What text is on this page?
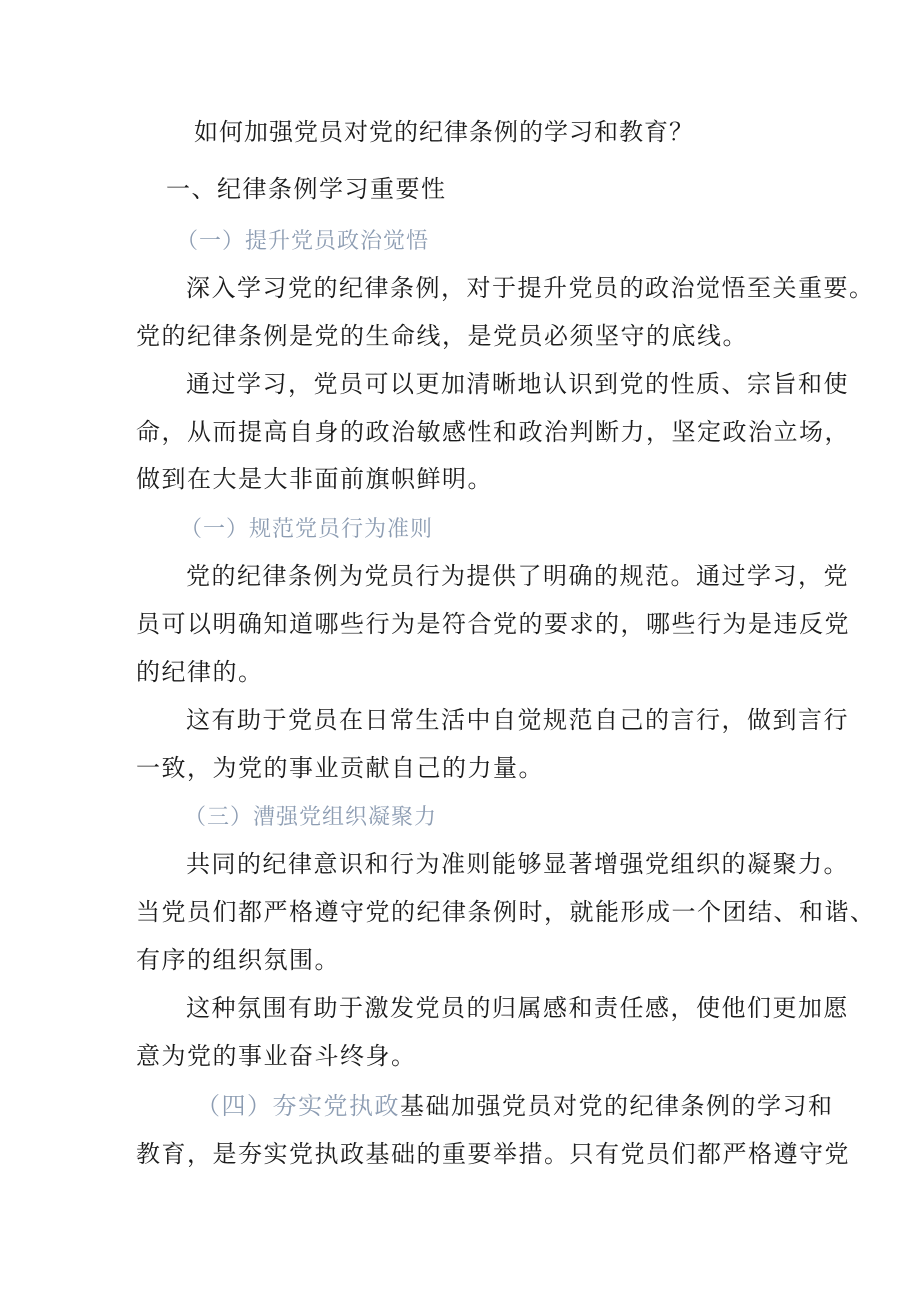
如何加强党员对党的纪律条例的学习和教育？
一、纪律条例学习重要性
（一）提升党员政治觉悟
深入学习党的纪律条例，对于提升党员的政治觉悟至关重要。
党的纪律条例是党的生命线，是党员必须坚守的底线。
通过学习，党员可以更加清晰地认识到党的性质、宗旨和使
命，从而提高自身的政治敏感性和政治判断力，坚定政治立场，
做到在大是大非面前旗帜鲜明。
（一）规范党员行为准则
党的纪律条例为党员行为提供了明确的规范。通过学习，党
员可以明确知道哪些行为是符合党的要求的，哪些行为是违反党
的纪律的。
这有助于党员在日常生活中自觉规范自己的言行，做到言行
一致，为党的事业贡献自己的力量。
（三）漕强党组织凝聚力
共同的纪律意识和行为准则能够显著增强党组织的凝聚力。
当党员们都严格遵守党的纪律条例时，就能形成一个团结、和谐、
有序的组织氛围。
这种氛围有助于激发党员的归属感和责任感，使他们更加愿
意为党的事业奋斗终身。
（四）夯实党执政基础加强党员对党的纪律条例的学习和
教育，是夯实党执政基础的重要举措。只有党员们都严格遵守党
